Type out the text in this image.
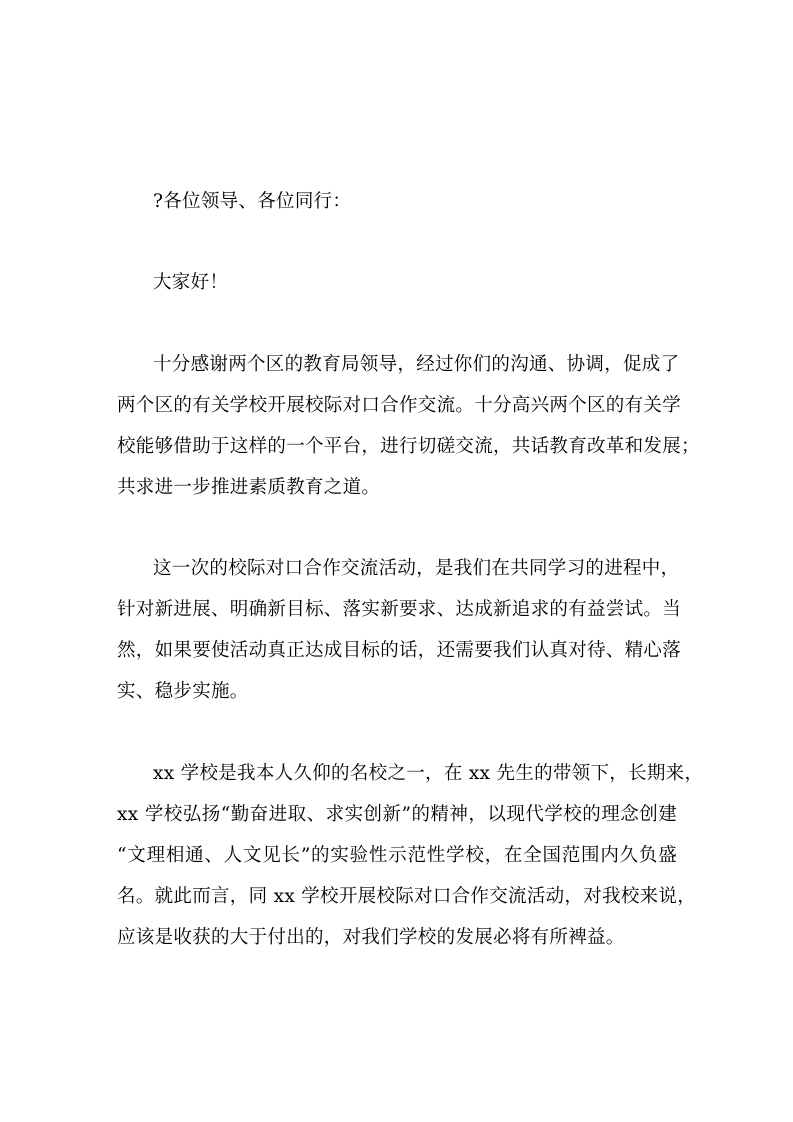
?各位领导、各位同行：
大家好！
十分感谢两个区的教育局领导，经过你们的沟通、协调，促成了
两个区的有关学校开展校际对口合作交流。十分高兴两个区的有关学
校能够借助于这样的一个平台，进行切磋交流，共话教育改革和发展；
共求进一步推进素质教育之道。
这一次的校际对口合作交流活动，是我们在共同学习的进程中，
针对新进展、明确新目标、落实新要求、达成新追求的有益尝试。当
然，如果要使活动真正达成目标的话，还需要我们认真对待、精心落
实、稳步实施。
xx 学校是我本人久仰的名校之一，在 xx 先生的带领下，长期来，
xx 学校弘扬“勤奋进取、求实创新”的精神，以现代学校的理念创建
“文理相通、人文见长”的实验性示范性学校，在全国范围内久负盛
名。就此而言，同 xx 学校开展校际对口合作交流活动，对我校来说，
应该是收获的大于付出的，对我们学校的发展必将有所裨益。
